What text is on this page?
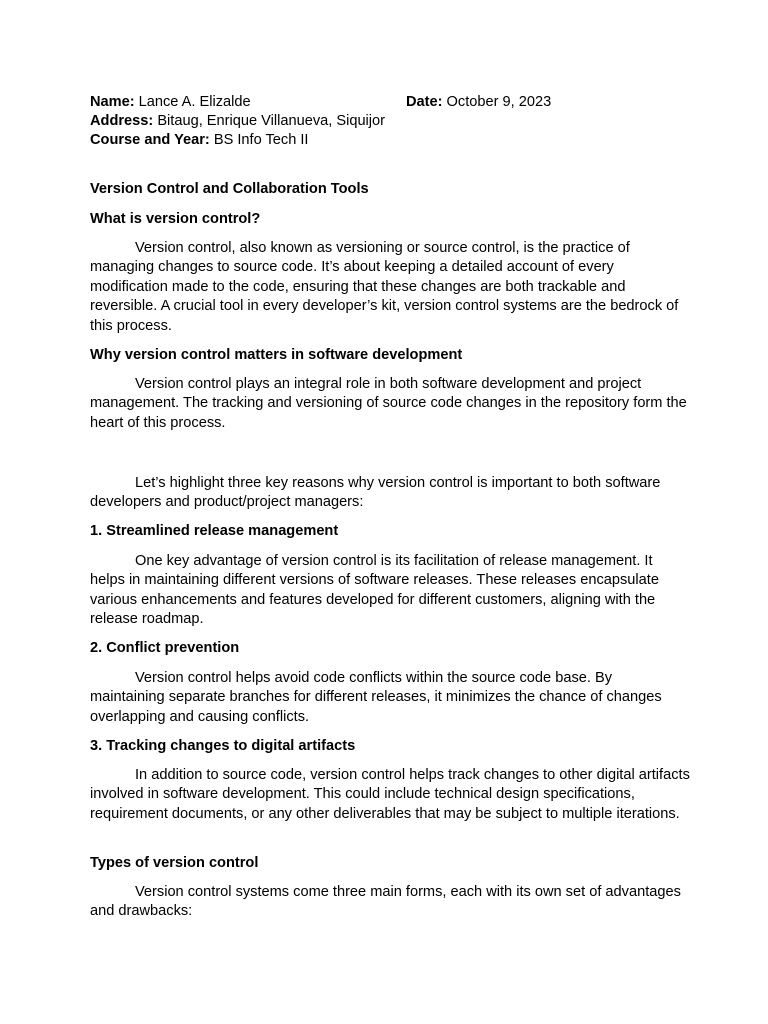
Name: Lance A. Elizalde	Date: October 9, 2023
Address: Bitaug, Enrique Villanueva, Siquijor
Course and Year: BS Info Tech II
Version Control and Collaboration Tools
What is version control?
Version control, also known as versioning or source control, is the practice of managing changes to source code. It’s about keeping a detailed account of every modification made to the code, ensuring that these changes are both trackable and reversible. A crucial tool in every developer’s kit, version control systems are the bedrock of this process.
Why version control matters in software development
Version control plays an integral role in both software development and project management. The tracking and versioning of source code changes in the repository form the heart of this process.
Let’s highlight three key reasons why version control is important to both software developers and product/project managers:
1. Streamlined release management
One key advantage of version control is its facilitation of release management. It helps in maintaining different versions of software releases. These releases encapsulate various enhancements and features developed for different customers, aligning with the release roadmap.
2. Conflict prevention
Version control helps avoid code conflicts within the source code base. By maintaining separate branches for different releases, it minimizes the chance of changes overlapping and causing conflicts.
3. Tracking changes to digital artifacts
In addition to source code, version control helps track changes to other digital artifacts involved in software development. This could include technical design specifications, requirement documents, or any other deliverables that may be subject to multiple iterations.
Types of version control
Version control systems come three main forms, each with its own set of advantages and drawbacks:
